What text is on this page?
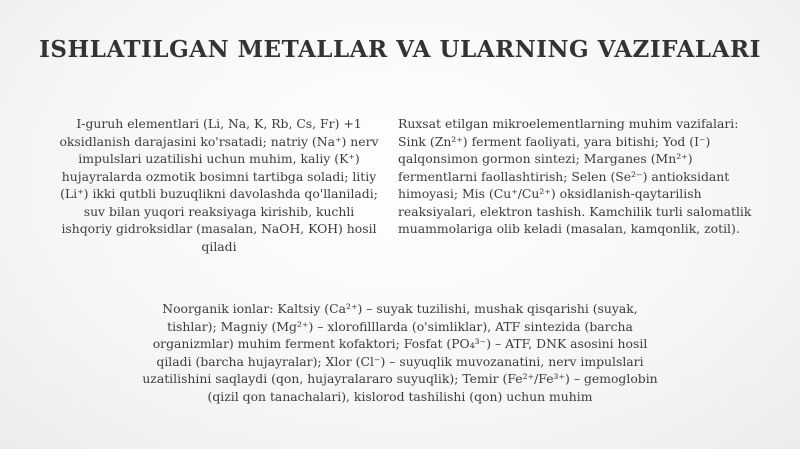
ISHLATILGAN METALLAR VA ULARNING VAZIFALARI
I-guruh elementlari (Li, Na, K, Rb, Cs, Fr) +1 oksidlanish darajasini ko'rsatadi; natriy (Na⁺) nerv impulslari uzatilishi uchun muhim, kaliy (K⁺) hujayralarda ozmotik bosimni tartibga soladi; litiy (Li⁺) ikki qutbli buzuqlikni davolashda qo'llaniladi; suv bilan yuqori reaksiyaga kirishib, kuchli ishqoriy gidroksidlar (masalan, NaOH, KOH) hosil qiladi
Ruxsat etilgan mikroelementlarning muhim vazifalari: Sink (Zn²⁺) ferment faoliyati, yara bitishi; Yod (I⁻) qalqonsimon gormon sintezi; Marganes (Mn²⁺) fermentlarni faollashtirish; Selen (Se²⁻) antioksidant himoyasi; Mis (Cu⁺/Cu²⁺) oksidlanish-qaytarilish reaksiyalari, elektron tashish. Kamchilik turli salomatlik muammolariga olib keladi (masalan, kamqonlik, zotil).
Noorganik ionlar: Kaltsiy (Ca²⁺) – suyak tuzilishi, mushak qisqarishi (suyak, tishlar); Magniy (Mg²⁺) – xlorofilllarda (o'simliklar), ATF sintezida (barcha organizmlar) muhim ferment kofaktori; Fosfat (PO₄³⁻) – ATF, DNK asosini hosil qiladi (barcha hujayralar); Xlor (Cl⁻) – suyuqlik muvozanatini, nerv impulslari uzatilishini saqlaydi (qon, hujayralararo suyuqlik); Temir (Fe²⁺/Fe³⁺) – gemoglobin (qizil qon tanachalari), kislorod tashilishi (qon) uchun muhim
